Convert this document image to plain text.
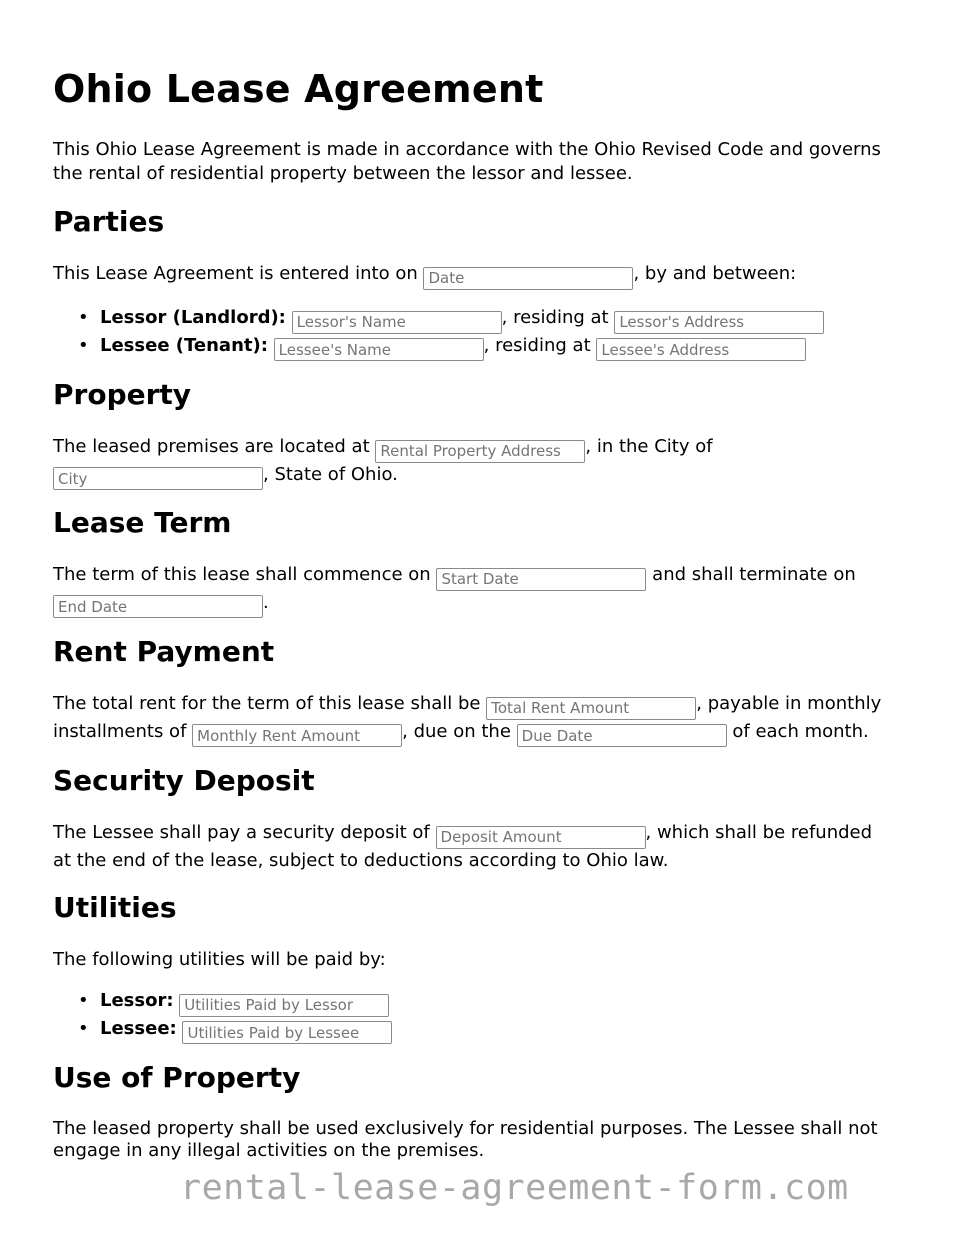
Ohio Lease Agreement

This Ohio Lease Agreement is made in accordance with the Ohio Revised Code and governs the rental of residential property between the lessor and lessee.

Parties

This Lease Agreement is entered into on Date	, by and between:

• Lessor (Landlord): Lessor's Name	, residing at Lessor's Address
• Lessee (Tenant): Lessee's Name	, residing at Lessee's Address
Property

The leased premises are located at Rental Property Address	, in the City of
City, State of Ohio.

Lease Term

The term of this lease shall commence on Start Date	and shall terminate on
End Date.

Rent Payment

The total rent for the term of this lease shall be Total Rent Amount	, payable in monthly
installments of Monthly Rent Amount	, due on the Due Date	of each month.

Security Deposit

The Lessee shall pay a security deposit of Deposit Amount	, which shall be refunded
at the end of the lease, subject to deductions according to Ohio law.

Utilities

The following utilities will be paid by:

• Lessor: Utilities Paid by Lessor
• Lessee: Utilities Paid by Lessee
Use of Property

The leased property shall be used exclusively for residential purposes. The Lessee shall not engage in any illegal activities on the premises.

rental-lease-agreement-form.com
